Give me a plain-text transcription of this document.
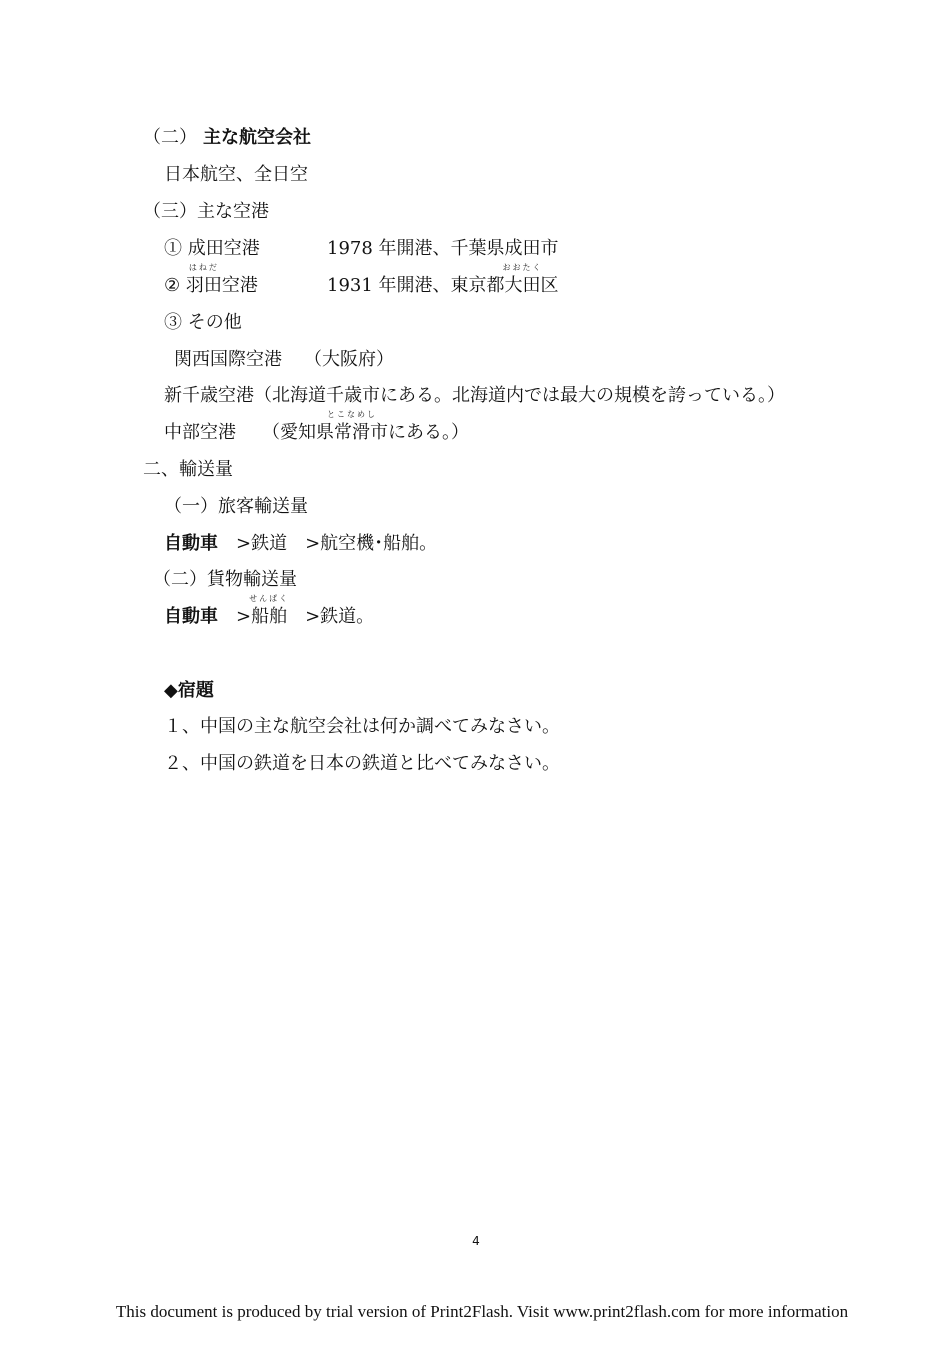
（二） 主な航空会社
日本航空、全日空
（三）主な空港
① 成田空港	1978 年開港、千葉県成田市
②
はねだ
羽田空港	1931 年開港、東京都
おおたく
大田区
③ その他
関西国際空港 （大阪府）
新千歳空港（北海道千歳市にある。北海道内では最大の規模を誇っている。）
中部空港 （愛知県
とこなめし
常滑市にある。）
二、輸送量
（一）旅客輸送量
自動車 >鉄道　>航空機･船舶。
（二）貨物輸送量
自動車 >
せんぱく
船舶 >鉄道。
◆宿題
１、中国の主な航空会社は何か調べてみなさい。
２、中国の鉄道を日本の鉄道と比べてみなさい。
4
This document is produced by trial version of Print2Flash. Visit www.print2flash.com for more information
